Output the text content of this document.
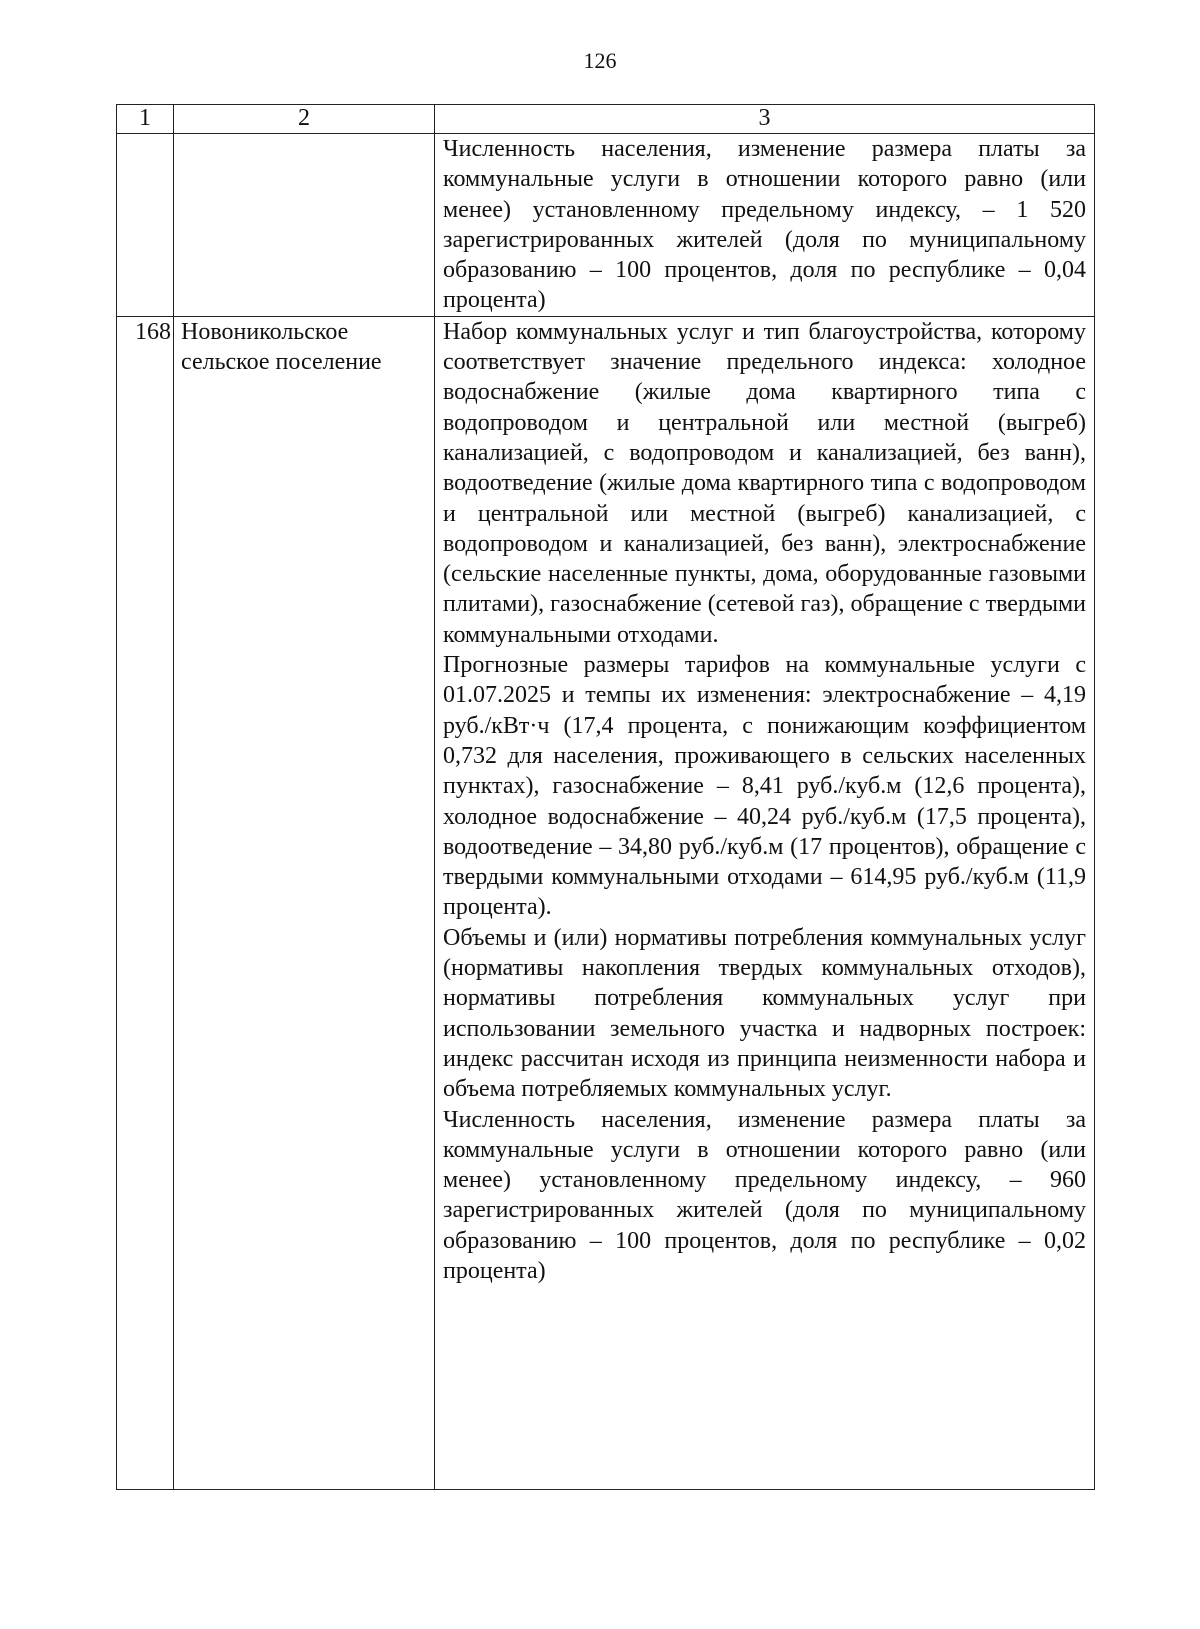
126
1	2	3

		Численность населения, изменение размера платы за коммунальные услуги в отношении которого равно (или менее) установленному предельному индексу, – 1 520 зарегистрированных жителей (доля по муниципальному образованию – 100 процентов, доля по республике – 0,04 процента)

168	Новоникольское сельское поселение	Набор коммунальных услуг и тип благоустройства, которому соответствует значение предельного индекса: холодное водоснабжение (жилые дома квартирного типа с водопроводом и центральной или местной (выгреб) канализацией, с водопроводом и канализацией, без ванн), водоотведение (жилые дома квартирного типа с водопроводом и центральной или местной (выгреб) канализацией, с водопроводом и канализацией, без ванн), электроснабжение (сельские населенные пункты, дома, оборудованные газовыми плитами), газоснабжение (сетевой газ), обращение с твердыми коммунальными отходами.

Прогнозные размеры тарифов на коммунальные услуги с 01.07.2025 и темпы их изменения: электроснабжение – 4,19 руб./кВт·ч (17,4 процента, с понижающим коэффициентом 0,732 для населения, проживающего в сельских населенных пунктах), газоснабжение – 8,41 руб./куб.м (12,6 процента), холодное водоснабжение – 40,24 руб./куб.м (17,5 процента), водоотведение – 34,80 руб./куб.м (17 процентов), обращение с твердыми коммунальными отходами – 614,95 руб./куб.м (11,9 процента).

Объемы и (или) нормативы потребления коммунальных услуг (нормативы накопления твердых коммунальных отходов), нормативы потребления коммунальных услуг при использовании земельного участка и надворных построек: индекс рассчитан исходя из принципа неизменности набора и объема потребляемых коммунальных услуг.

Численность населения, изменение размера платы за коммунальные услуги в отношении которого равно (или менее) установленному предельному индексу, – 960 зарегистрированных жителей (доля по муниципальному образованию – 100 процентов, доля по республике – 0,02 процента)
